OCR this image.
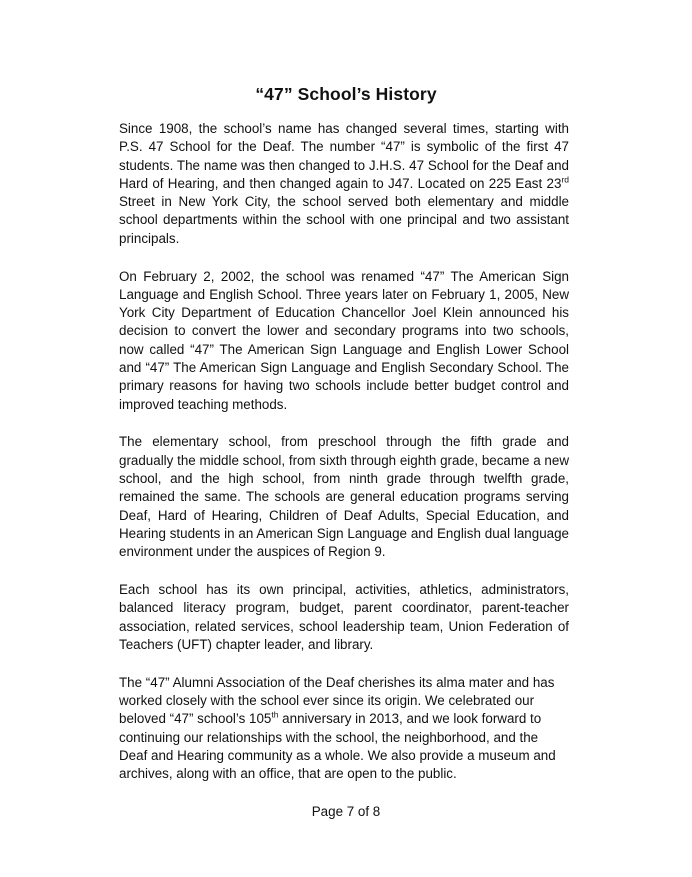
“47” School’s History

Since 1908, the school’s name has changed several times, starting with P.S. 47 School for the Deaf. The number “47” is symbolic of the first 47 students. The name was then changed to J.H.S. 47 School for the Deaf and Hard of Hearing, and then changed again to J47. Located on 225 East 23rd Street in New York City, the school served both elementary and middle school departments within the school with one principal and two assistant principals.

On February 2, 2002, the school was renamed “47” The American Sign Language and English School. Three years later on February 1, 2005, New York City Department of Education Chancellor Joel Klein announced his decision to convert the lower and secondary programs into two schools, now called “47” The American Sign Language and English Lower School and “47” The American Sign Language and English Secondary School. The primary reasons for having two schools include better budget control and improved teaching methods.

The elementary school, from preschool through the fifth grade and gradually the middle school, from sixth through eighth grade, became a new school, and the high school, from ninth grade through twelfth grade, remained the same. The schools are general education programs serving Deaf, Hard of Hearing, Children of Deaf Adults, Special Education, and Hearing students in an American Sign Language and English dual language environment under the auspices of Region 9.

Each school has its own principal, activities, athletics, administrators, balanced literacy program, budget, parent coordinator, parent-teacher association, related services, school leadership team, Union Federation of Teachers (UFT) chapter leader, and library.

The “47” Alumni Association of the Deaf cherishes its alma mater and has worked closely with the school ever since its origin. We celebrated our beloved “47” school’s 105th anniversary in 2013, and we look forward to continuing our relationships with the school, the neighborhood, and the Deaf and Hearing community as a whole. We also provide a museum and archives, along with an office, that are open to the public.

Page 7 of 8
